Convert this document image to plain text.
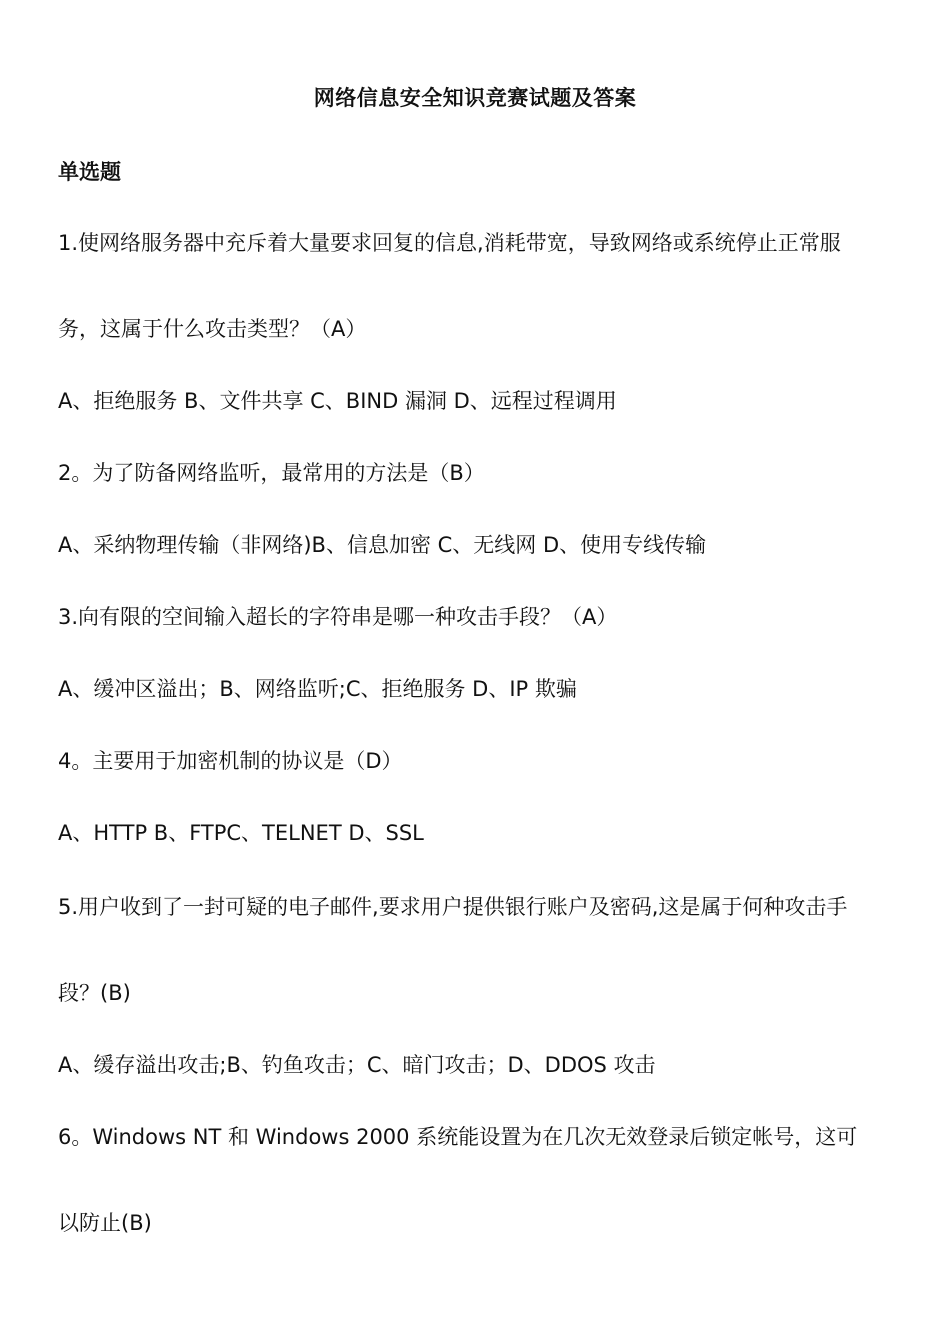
网络信息安全知识竞赛试题及答案
单选题
1.使网络服务器中充斥着大量要求回复的信息,消耗带宽，导致网络或系统停止正常服
务，这属于什么攻击类型？（A）
A、拒绝服务 B、文件共享 C、BIND 漏洞 D、远程过程调用
2。为了防备网络监听，最常用的方法是（B）
A、采纳物理传输（非网络)B、信息加密 C、无线网 D、使用专线传输
3.向有限的空间输入超长的字符串是哪一种攻击手段？（A）
A、缓冲区溢出；B、网络监听;C、拒绝服务 D、IP 欺骗
4。主要用于加密机制的协议是（D）
A、HTTP B、FTPC、TELNET D、SSL
5.用户收到了一封可疑的电子邮件,要求用户提供银行账户及密码,这是属于何种攻击手
段？(B)
A、缓存溢出攻击;B、钓鱼攻击；C、暗门攻击；D、DDOS 攻击
6。Windows NT 和 Windows 2000 系统能设置为在几次无效登录后锁定帐号，这可
以防止(B)
